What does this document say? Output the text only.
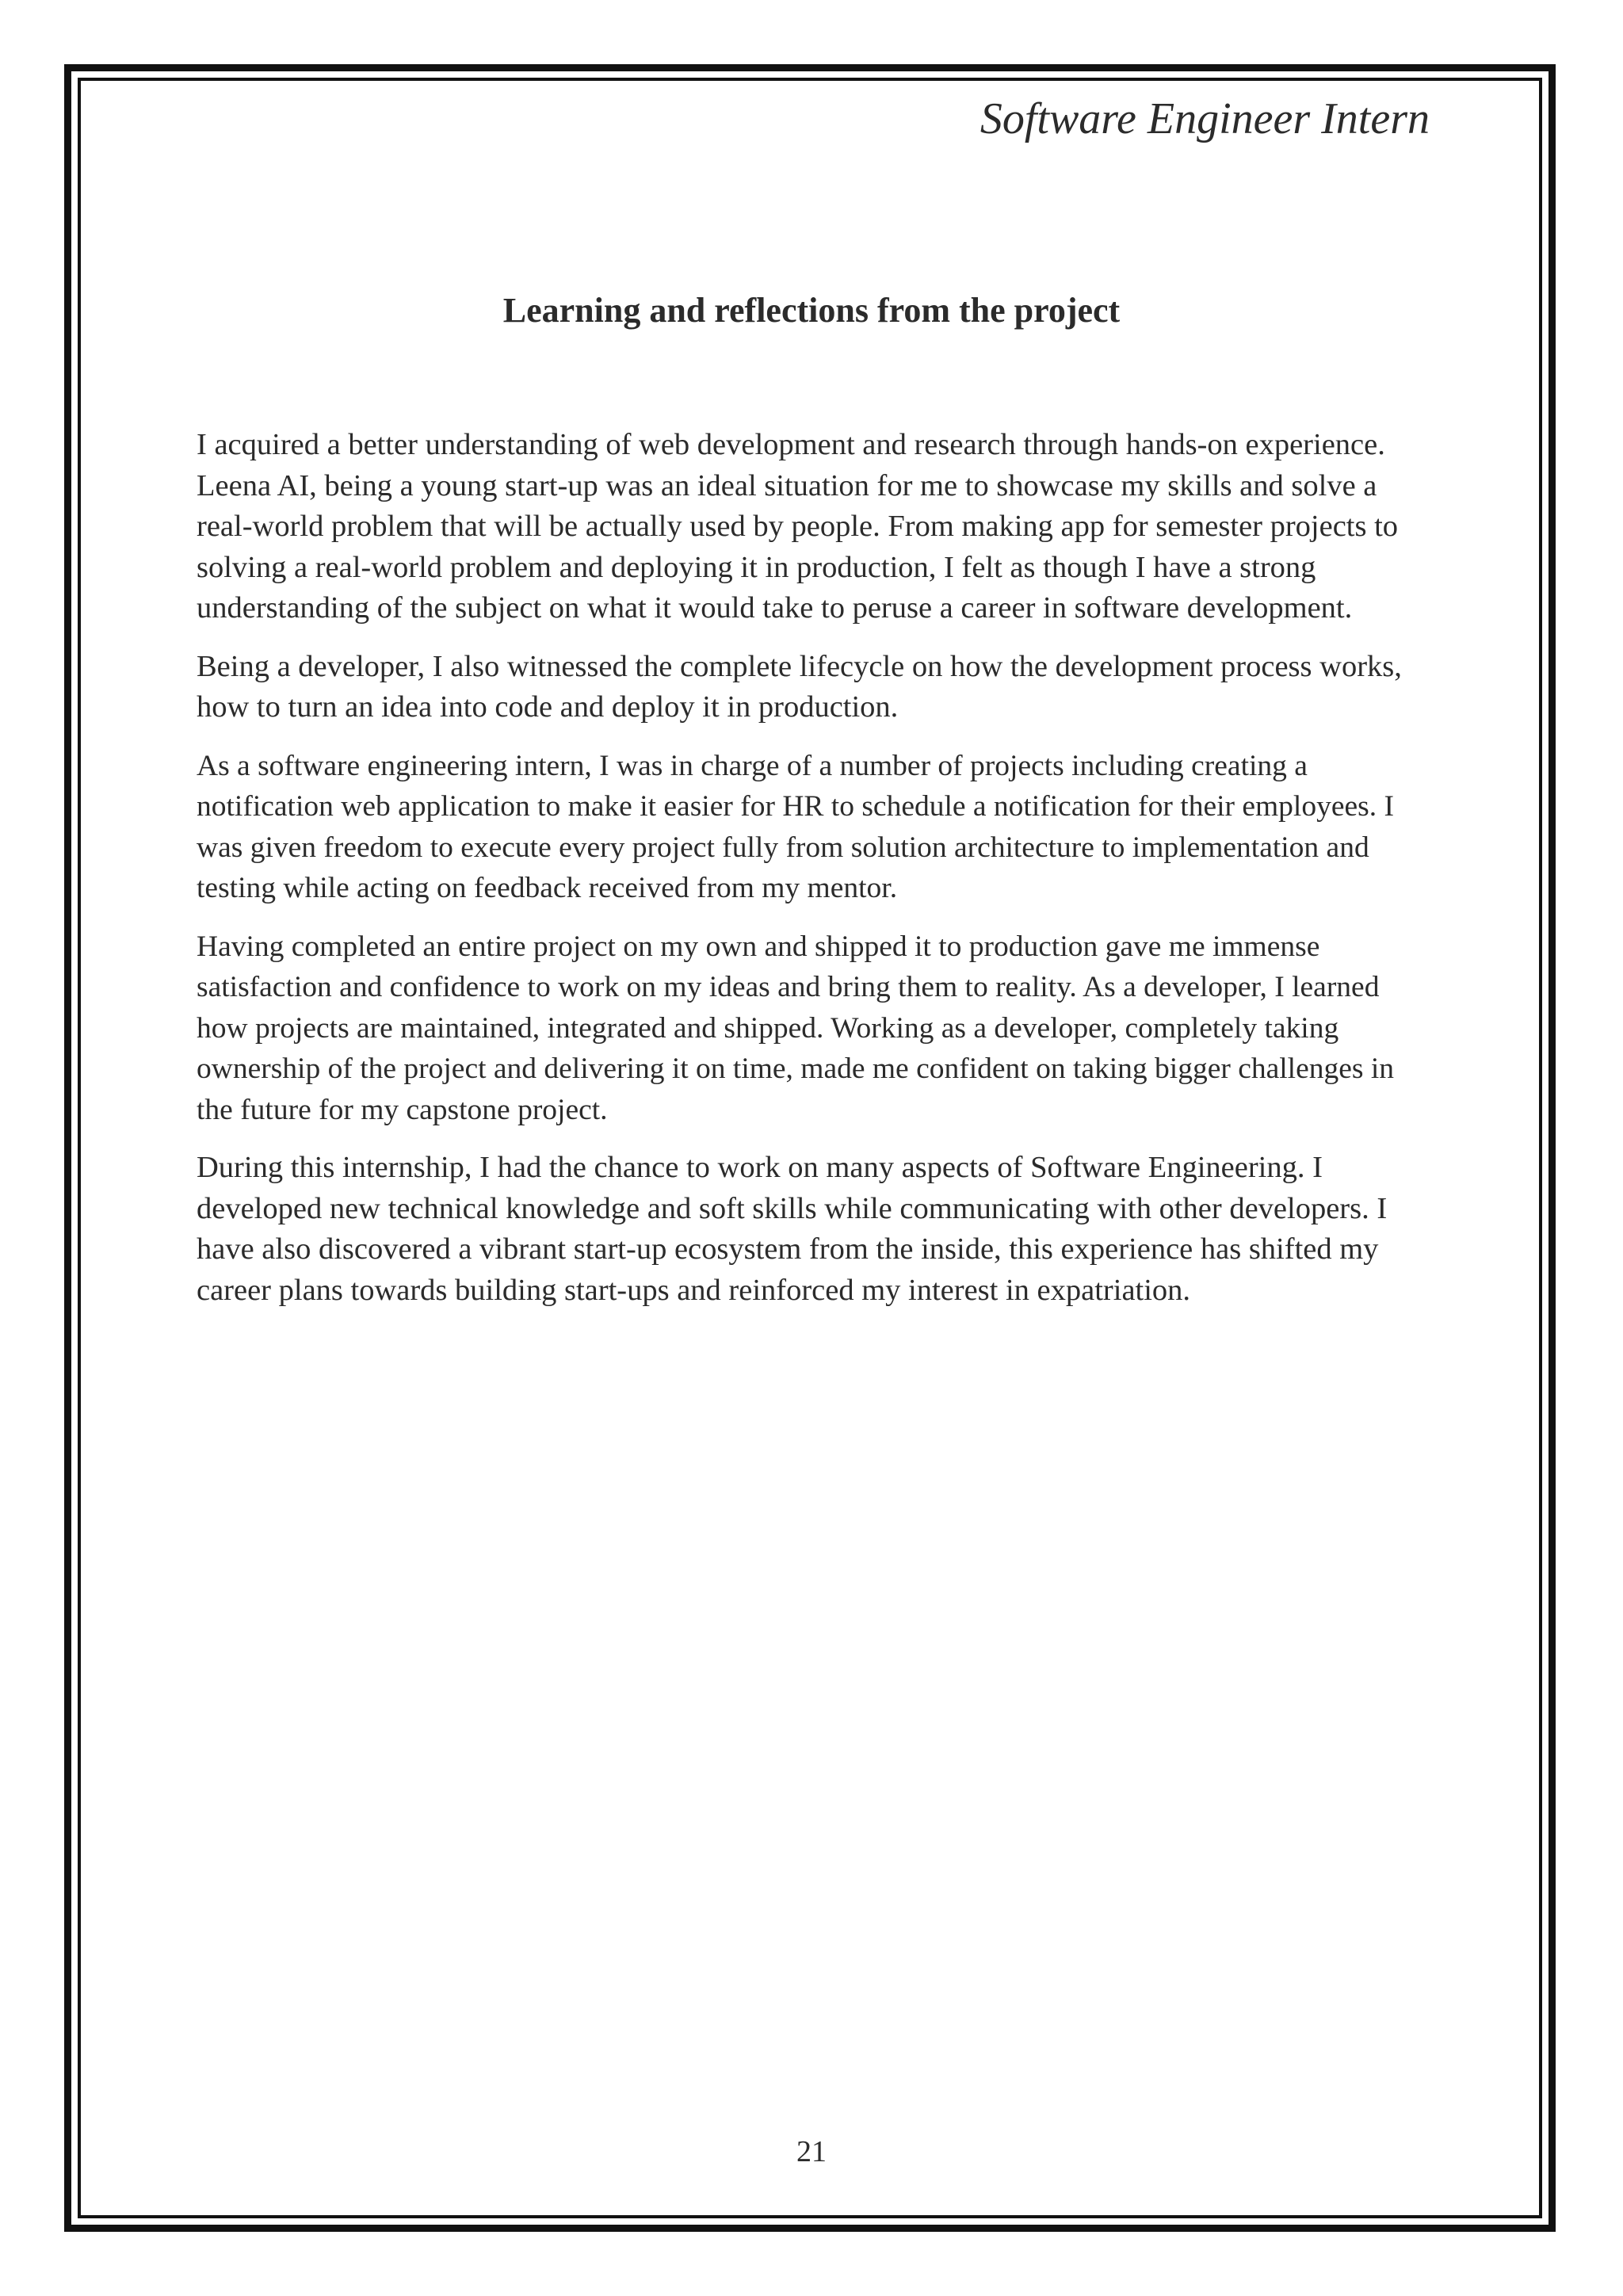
Software Engineer Intern
Learning and reflections from the project

I acquired a better understanding of web development and research through hands-on experience. Leena AI, being a young start-up was an ideal situation for me to showcase my skills and solve a real-world problem that will be actually used by people. From making app for semester projects to solving a real-world problem and deploying it in production, I felt as though I have a strong understanding of the subject on what it would take to peruse a career in software development.

Being a developer, I also witnessed the complete lifecycle on how the development process works, how to turn an idea into code and deploy it in production.

As a software engineering intern, I was in charge of a number of projects including creating a notification web application to make it easier for HR to schedule a notification for their employees. I was given freedom to execute every project fully from solution architecture to implementation and testing while acting on feedback received from my mentor.

Having completed an entire project on my own and shipped it to production gave me immense satisfaction and confidence to work on my ideas and bring them to reality. As a developer, I learned how projects are maintained, integrated and shipped. Working as a developer, completely taking ownership of the project and delivering it on time, made me confident on taking bigger challenges in the future for my capstone project.

During this internship, I had the chance to work on many aspects of Software Engineering. I developed new technical knowledge and soft skills while communicating with other developers. I have also discovered a vibrant start-up ecosystem from the inside, this experience has shifted my career plans towards building start-ups and reinforced my interest in expatriation.

21
